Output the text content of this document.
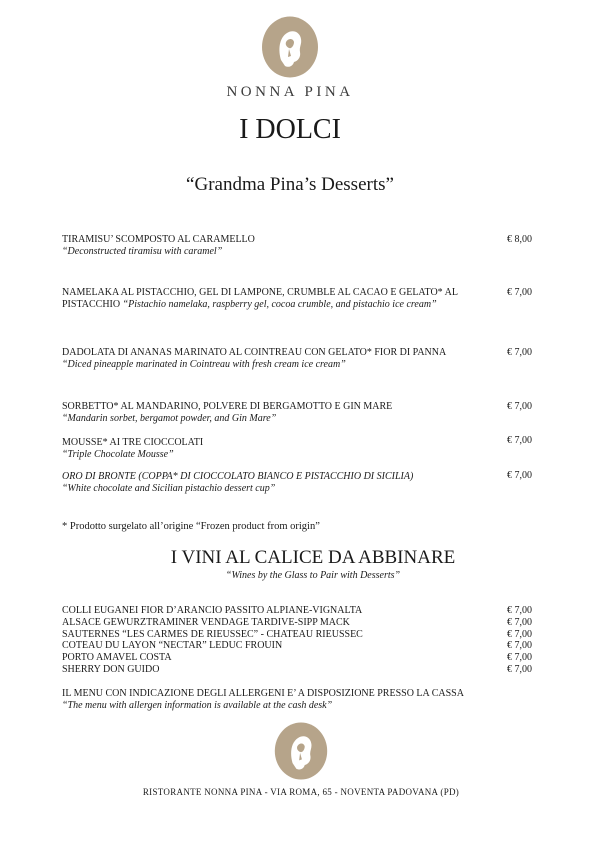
NONNA PINA
I DOLCI
“Grandma Pina’s Desserts”
TIRAMISU’ SCOMPOSTO AL CARAMELLO
“Deconstructed tiramisu with caramel”
€ 8,00
NAMELAKA AL PISTACCHIO, GEL DI LAMPONE, CRUMBLE AL CACAO E GELATO* AL PISTACCHIO “Pistachio namelaka, raspberry gel, cocoa crumble, and pistachio ice cream”
€ 7,00
DADOLATA DI ANANAS MARINATO AL COINTREAU CON GELATO* FIOR DI PANNA “Diced pineapple marinated in Cointreau with fresh cream ice cream”
€ 7,00
SORBETTO* AL MANDARINO, POLVERE DI BERGAMOTTO E GIN MARE
“Mandarin sorbet, bergamot powder, and Gin Mare”
€ 7,00
MOUSSE* AI TRE CIOCCOLATI
“Triple Chocolate Mousse”
€ 7,00
ORO DI BRONTE (COPPA* DI CIOCCOLATO BIANCO E PISTACCHIO DI SICILIA)
“White chocolate and Sicilian pistachio dessert cup”
€ 7,00
* Prodotto surgelato all’origine “Frozen product from origin”
I VINI AL CALICE DA ABBINARE
“Wines by the Glass to Pair with Desserts”
COLLI EUGANEI FIOR D’ARANCIO PASSITO ALPIANE-VIGNALTA	€ 7,00
ALSACE GEWURZTRAMINER VENDAGE TARDIVE-SIPP MACK	€ 7,00
SAUTERNES “LES CARMES DE RIEUSSEC” - CHATEAU RIEUSSEC	€ 7,00
COTEAU DU LAYON “NECTAR” LEDUC FROUIN	€ 7,00
PORTO AMAVEL COSTA	€ 7,00
SHERRY DON GUIDO	€ 7,00
IL MENU CON INDICAZIONE DEGLI ALLERGENI E’ A DISPOSIZIONE PRESSO LA CASSA
“The menu with allergen information is available at the cash desk”
RISTORANTE NONNA PINA - VIA ROMA, 65 - NOVENTA PADOVANA (PD)
